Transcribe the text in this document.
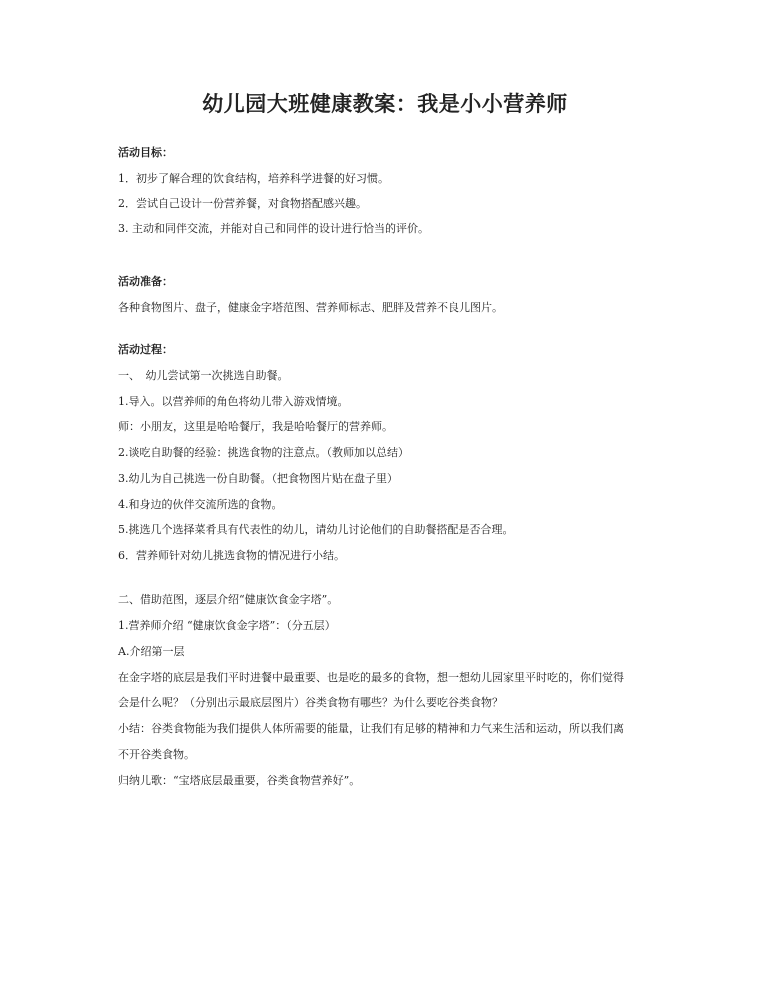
幼儿园大班健康教案：我是小小营养师
活动目标：
1．初步了解合理的饮食结构，培养科学进餐的好习惯。
2．尝试自己设计一份营养餐，对食物搭配感兴趣。
3. 主动和同伴交流，并能对自己和同伴的设计进行恰当的评价。
活动准备：
各种食物图片、盘子，健康金字塔范图、营养师标志、肥胖及营养不良儿图片。
活动过程：
一、　幼儿尝试第一次挑选自助餐。
1.导入。以营养师的角色将幼儿带入游戏情境。
师：小朋友，这里是哈哈餐厅，我是哈哈餐厅的营养师。
2.谈吃自助餐的经验：挑选食物的注意点。（教师加以总结）
3.幼儿为自己挑选一份自助餐。（把食物图片贴在盘子里）
4.和身边的伙伴交流所选的食物。
5.挑选几个选择菜肴具有代表性的幼儿，请幼儿讨论他们的自助餐搭配是否合理。
6．营养师针对幼儿挑选食物的情况进行小结。
二、借助范图，逐层介绍“健康饮食金字塔”。
1.营养师介绍 “健康饮食金字塔”：（分五层）
A.介绍第一层
在金字塔的底层是我们平时进餐中最重要、也是吃的最多的食物，想一想幼儿园家里平时吃的，你们觉得
会是什么呢？（分别出示最底层图片）谷类食物有哪些？为什么要吃谷类食物？
小结：谷类食物能为我们提供人体所需要的能量，让我们有足够的精神和力气来生活和运动，所以我们离
不开谷类食物。
归纳儿歌：“宝塔底层最重要，谷类食物营养好”。
